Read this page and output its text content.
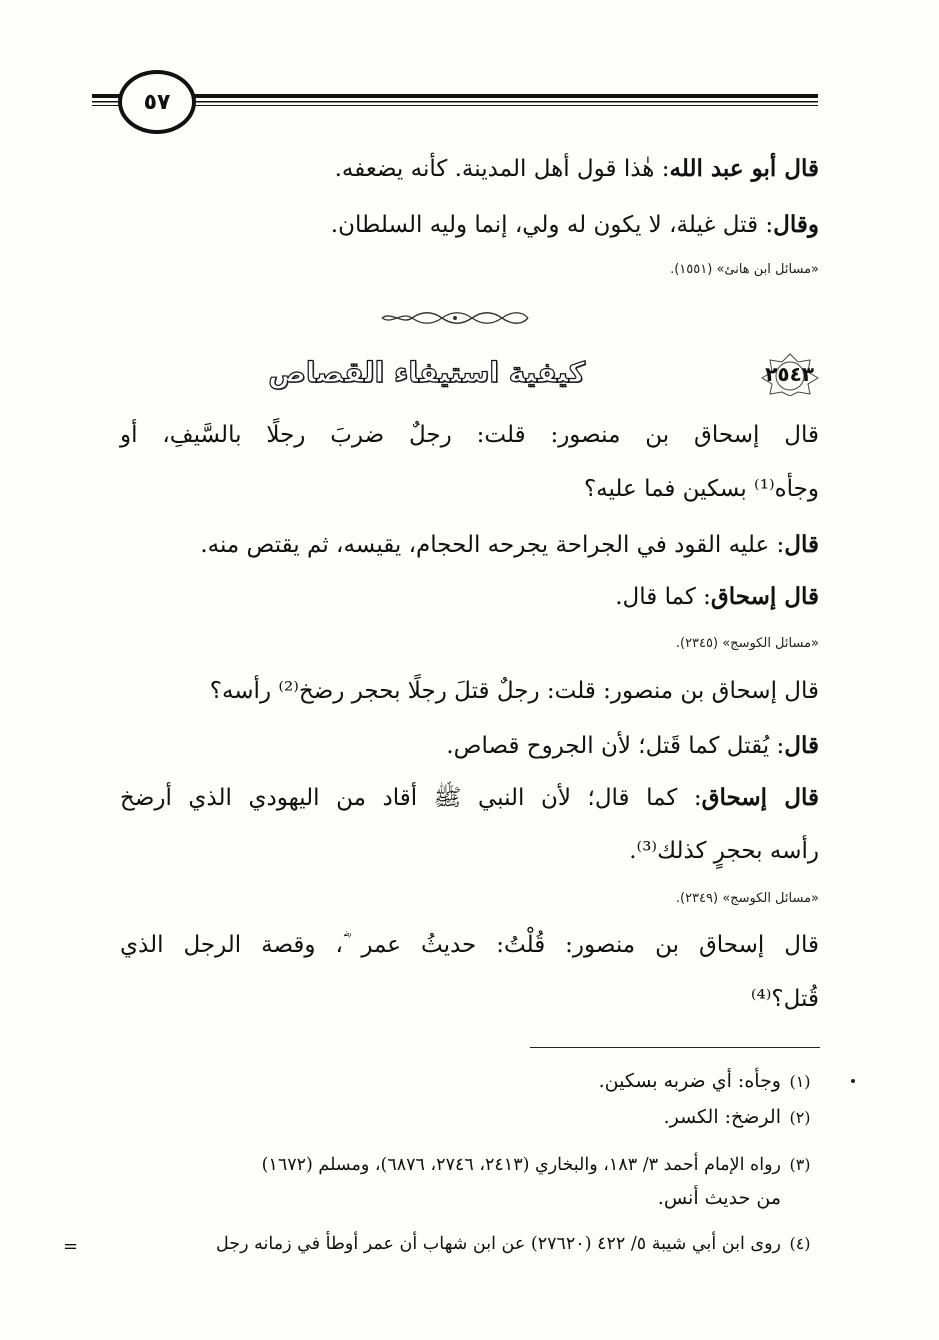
٥٧
قال أبو عبد الله: هٰذا قول أهل المدينة. كأنه يضعفه.
وقال: قتل غيلة، لا يكون له ولي، إنما وليه السلطان.
«مسائل ابن هانئ» (١٥٥١).
كيفية استيفاء القصاص	٢٥٤٣
قال إسحاق بن منصور: قلت: رجلٌ ضربَ رجلًا بالسَّيفِ، أو
وجأه⁽¹⁾ بسكين فما عليه؟
قال: عليه القود في الجراحة يجرحه الحجام، يقيسه، ثم يقتص منه.
قال إسحاق: كما قال.
«مسائل الكوسج» (٢٣٤٥).
قال إسحاق بن منصور: قلت: رجلٌ قتلَ رجلًا بحجر رضخ⁽²⁾ رأسه؟
قال: يُقتل كما قَتل؛ لأن الجروح قصاص.
قال إسحاق: كما قال؛ لأن النبي ﷺ أقاد من اليهودي الذي أرضخ
رأسه بحجرٍ كذلك⁽³⁾.
«مسائل الكوسج» (٢٣٤٩).
قال إسحاق بن منصور: قُلْتُ: حديثُ عمر ؓ، وقصة الرجل الذي
قُتل؟⁽⁴⁾
(١)وجأه: أي ضربه بسكين.
(٢)الرضخ: الكسر.
(٣)رواه الإمام أحمد ٣/ ١٨٣، والبخاري (٢٤١٣، ٢٧٤٦، ٦٨٧٦)، ومسلم (١٦٧٢)
من حديث أنس.
(٤)روى ابن أبي شيبة ٥/ ٤٢٢ (٢٧٦٢٠) عن ابن شهاب أن عمر أوطأ في زمانه رجل
=
